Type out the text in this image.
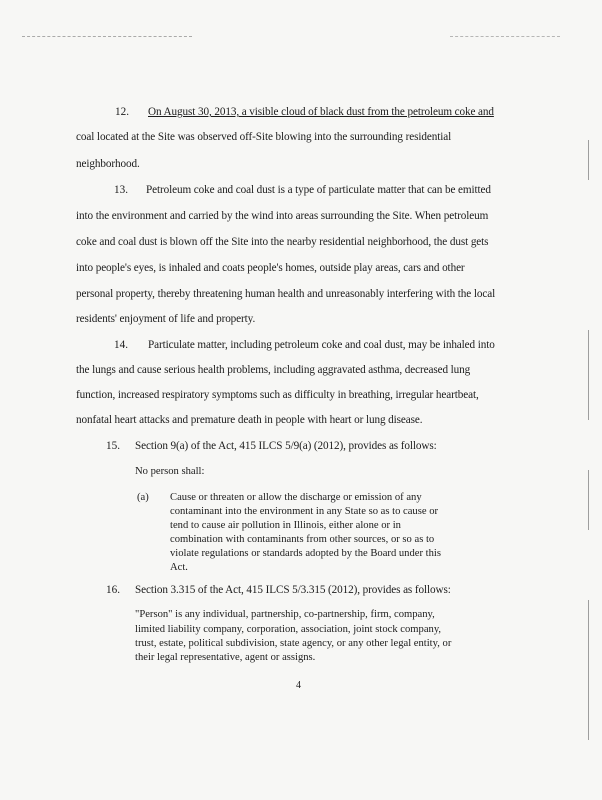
12. On August 30, 2013, a visible cloud of black dust from the petroleum coke and
coal located at the Site was observed off-Site blowing into the surrounding residential
neighborhood.
13. Petroleum coke and coal dust is a type of particulate matter that can be emitted
into the environment and carried by the wind into areas surrounding the Site. When petroleum
coke and coal dust is blown off the Site into the nearby residential neighborhood, the dust gets
into people's eyes, is inhaled and coats people's homes, outside play areas, cars and other
personal property, thereby threatening human health and unreasonably interfering with the local
residents' enjoyment of life and property.
14. Particulate matter, including petroleum coke and coal dust, may be inhaled into
the lungs and cause serious health problems, including aggravated asthma, decreased lung
function, increased respiratory symptoms such as difficulty in breathing, irregular heartbeat,
nonfatal heart attacks and premature death in people with heart or lung disease.
15. Section 9(a) of the Act, 415 ILCS 5/9(a) (2012), provides as follows:
No person shall:
(a) Cause or threaten or allow the discharge or emission of any
contaminant into the environment in any State so as to cause or
tend to cause air pollution in Illinois, either alone or in
combination with contaminants from other sources, or so as to
violate regulations or standards adopted by the Board under this
Act.
16. Section 3.315 of the Act, 415 ILCS 5/3.315 (2012), provides as follows:
"Person" is any individual, partnership, co-partnership, firm, company,
limited liability company, corporation, association, joint stock company,
trust, estate, political subdivision, state agency, or any other legal entity, or
their legal representative, agent or assigns.
4
